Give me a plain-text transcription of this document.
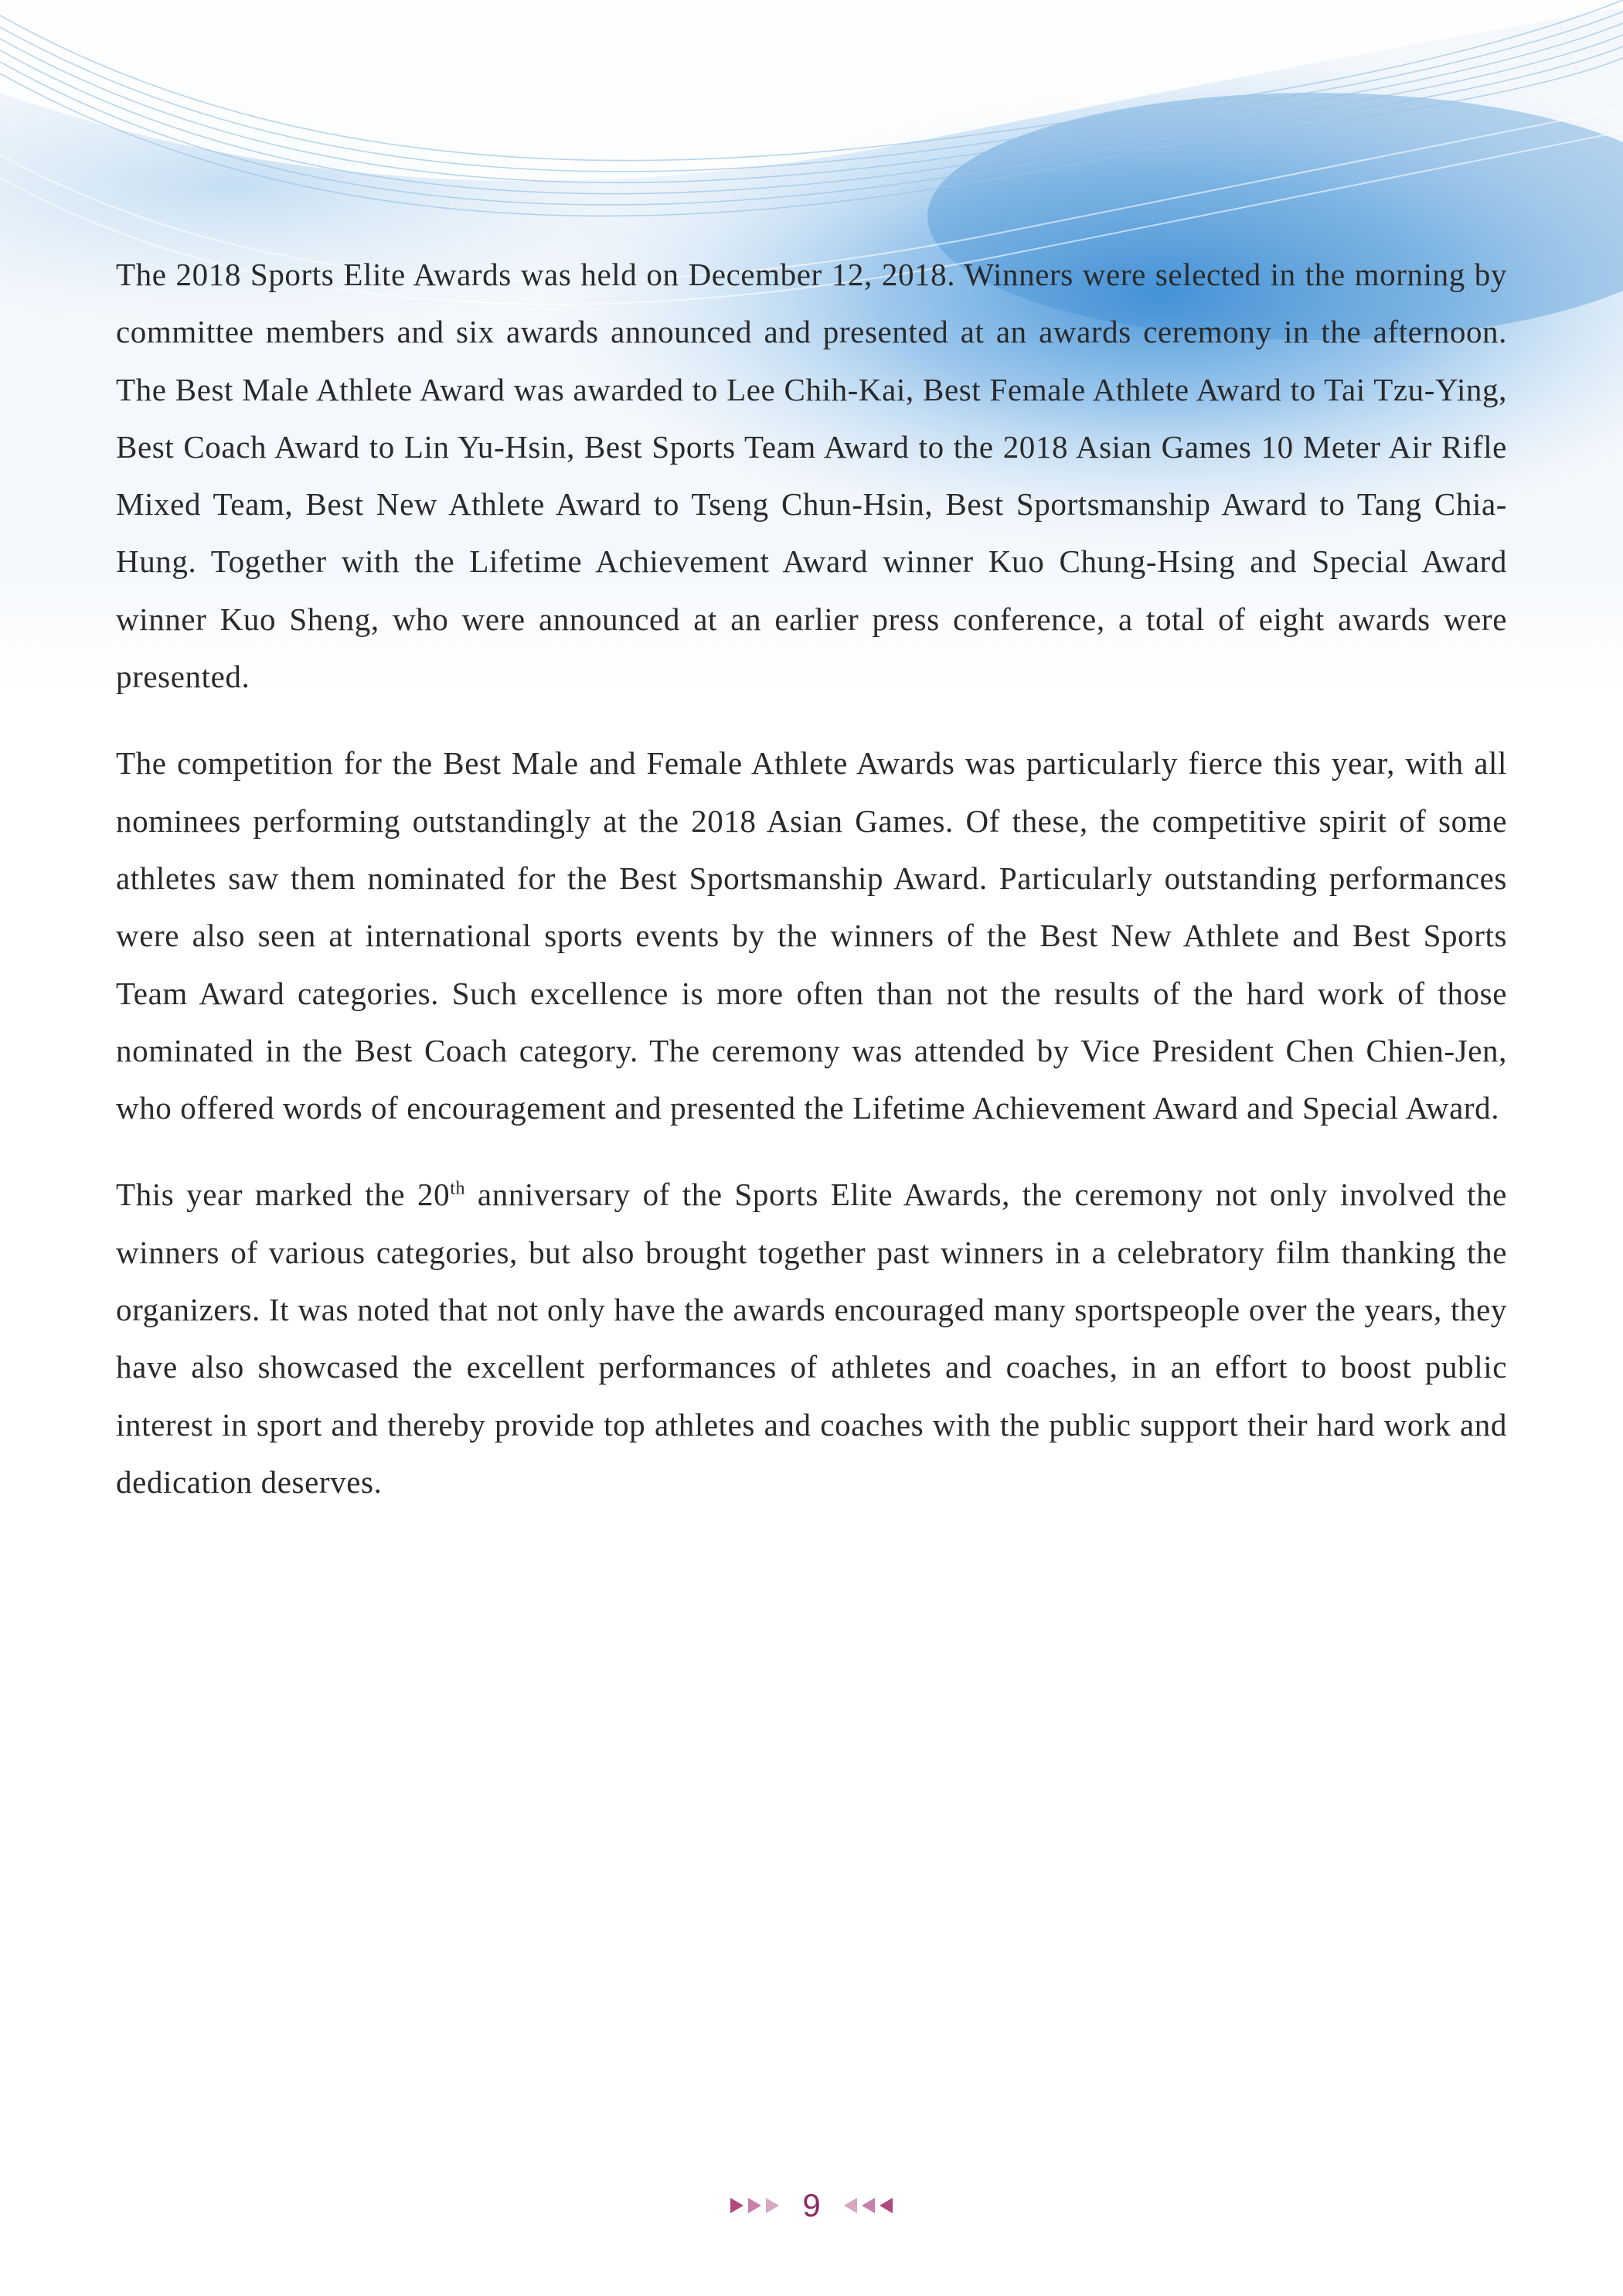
The 2018 Sports Elite Awards was held on December 12, 2018. Winners were selected in the morning by committee members and six awards announced and presented at an awards ceremony in the afternoon. The Best Male Athlete Award was awarded to Lee Chih-Kai, Best Female Athlete Award to Tai Tzu-Ying, Best Coach Award to Lin Yu-Hsin, Best Sports Team Award to the 2018 Asian Games 10 Meter Air Rifle Mixed Team, Best New Athlete Award to Tseng Chun-Hsin, Best Sportsmanship Award to Tang Chia-Hung. Together with the Lifetime Achievement Award winner Kuo Chung-Hsing and Special Award winner Kuo Sheng, who were announced at an earlier press conference, a total of eight awards were presented.

The competition for the Best Male and Female Athlete Awards was particularly fierce this year, with all nominees performing outstandingly at the 2018 Asian Games. Of these, the competitive spirit of some athletes saw them nominated for the Best Sportsmanship Award. Particularly outstanding performances were also seen at international sports events by the winners of the Best New Athlete and Best Sports Team Award categories. Such excellence is more often than not the results of the hard work of those nominated in the Best Coach category. The ceremony was attended by Vice President Chen Chien-Jen, who offered words of encouragement and presented the Lifetime Achievement Award and Special Award.

This year marked the 20th anniversary of the Sports Elite Awards, the ceremony not only involved the winners of various categories, but also brought together past winners in a celebratory film thanking the organizers. It was noted that not only have the awards encouraged many sportspeople over the years, they have also showcased the excellent performances of athletes and coaches, in an effort to boost public interest in sport and thereby provide top athletes and coaches with the public support their hard work and dedication deserves.

9
